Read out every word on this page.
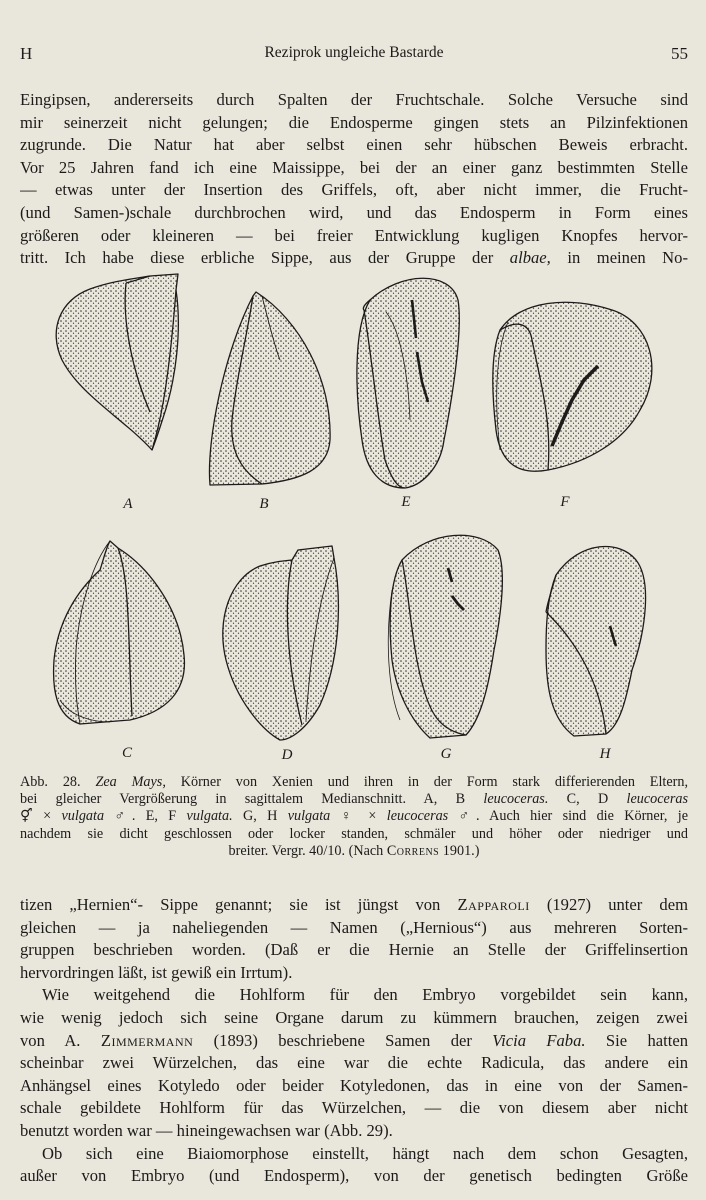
H	Reziprok ungleiche Bastarde	55
Eingipsen, andererseits durch Spalten der Fruchtschale. Solche Versuche sind
mir seinerzeit nicht gelungen; die Endosperme gingen stets an Pilzinfektionen
zugrunde. Die Natur hat aber selbst einen sehr hübschen Beweis erbracht.
Vor 25 Jahren fand ich eine Maissippe, bei der an einer ganz bestimmten Stelle
— etwas unter der Insertion des Griffels, oft, aber nicht immer, die Frucht-
(und Samen-)schale durchbrochen wird, und das Endosperm in Form eines
größeren oder kleineren — bei freier Entwicklung kugligen Knopfes hervor-
tritt. Ich habe diese erbliche Sippe, aus der Gruppe der albae, in meinen No-
A	B	E	F
C	D	G	H
Abb. 28. Zea Mays, Körner von Xenien und ihren in der Form stark differierenden Eltern,
bei gleicher Vergrößerung in sagittalem Medianschnitt. A, B leucoceras. C, D leucoceras
⚥ × vulgata ♂. E, F vulgata. G, H vulgata ♀ × leucoceras ♂. Auch hier sind die Körner, je
nachdem sie dicht geschlossen oder locker standen, schmäler und höher oder niedriger und
breiter. Vergr. 40/10. (Nach Correns 1901.)
tizen „Hernien“- Sippe genannt; sie ist jüngst von Zapparoli (1927) unter dem
gleichen — ja naheliegenden — Namen („Hernious“) aus mehreren Sorten-
gruppen beschrieben worden. (Daß er die Hernie an Stelle der Griffelinsertion
hervordringen läßt, ist gewiß ein Irrtum).
Wie weitgehend die Hohlform für den Embryo vorgebildet sein kann,
wie wenig jedoch sich seine Organe darum zu kümmern brauchen, zeigen zwei
von A. Zimmermann (1893) beschriebene Samen der Vicia Faba. Sie hatten
scheinbar zwei Würzelchen, das eine war die echte Radicula, das andere ein
Anhängsel eines Kotyledo oder beider Kotyledonen, das in eine von der Samen-
schale gebildete Hohlform für das Würzelchen, — die von diesem aber nicht
benutzt worden war — hineingewachsen war (Abb. 29).
Ob sich eine Biaiomorphose einstellt, hängt nach dem schon Gesagten,
außer von Embryo (und Endosperm), von der genetisch bedingten Größe
